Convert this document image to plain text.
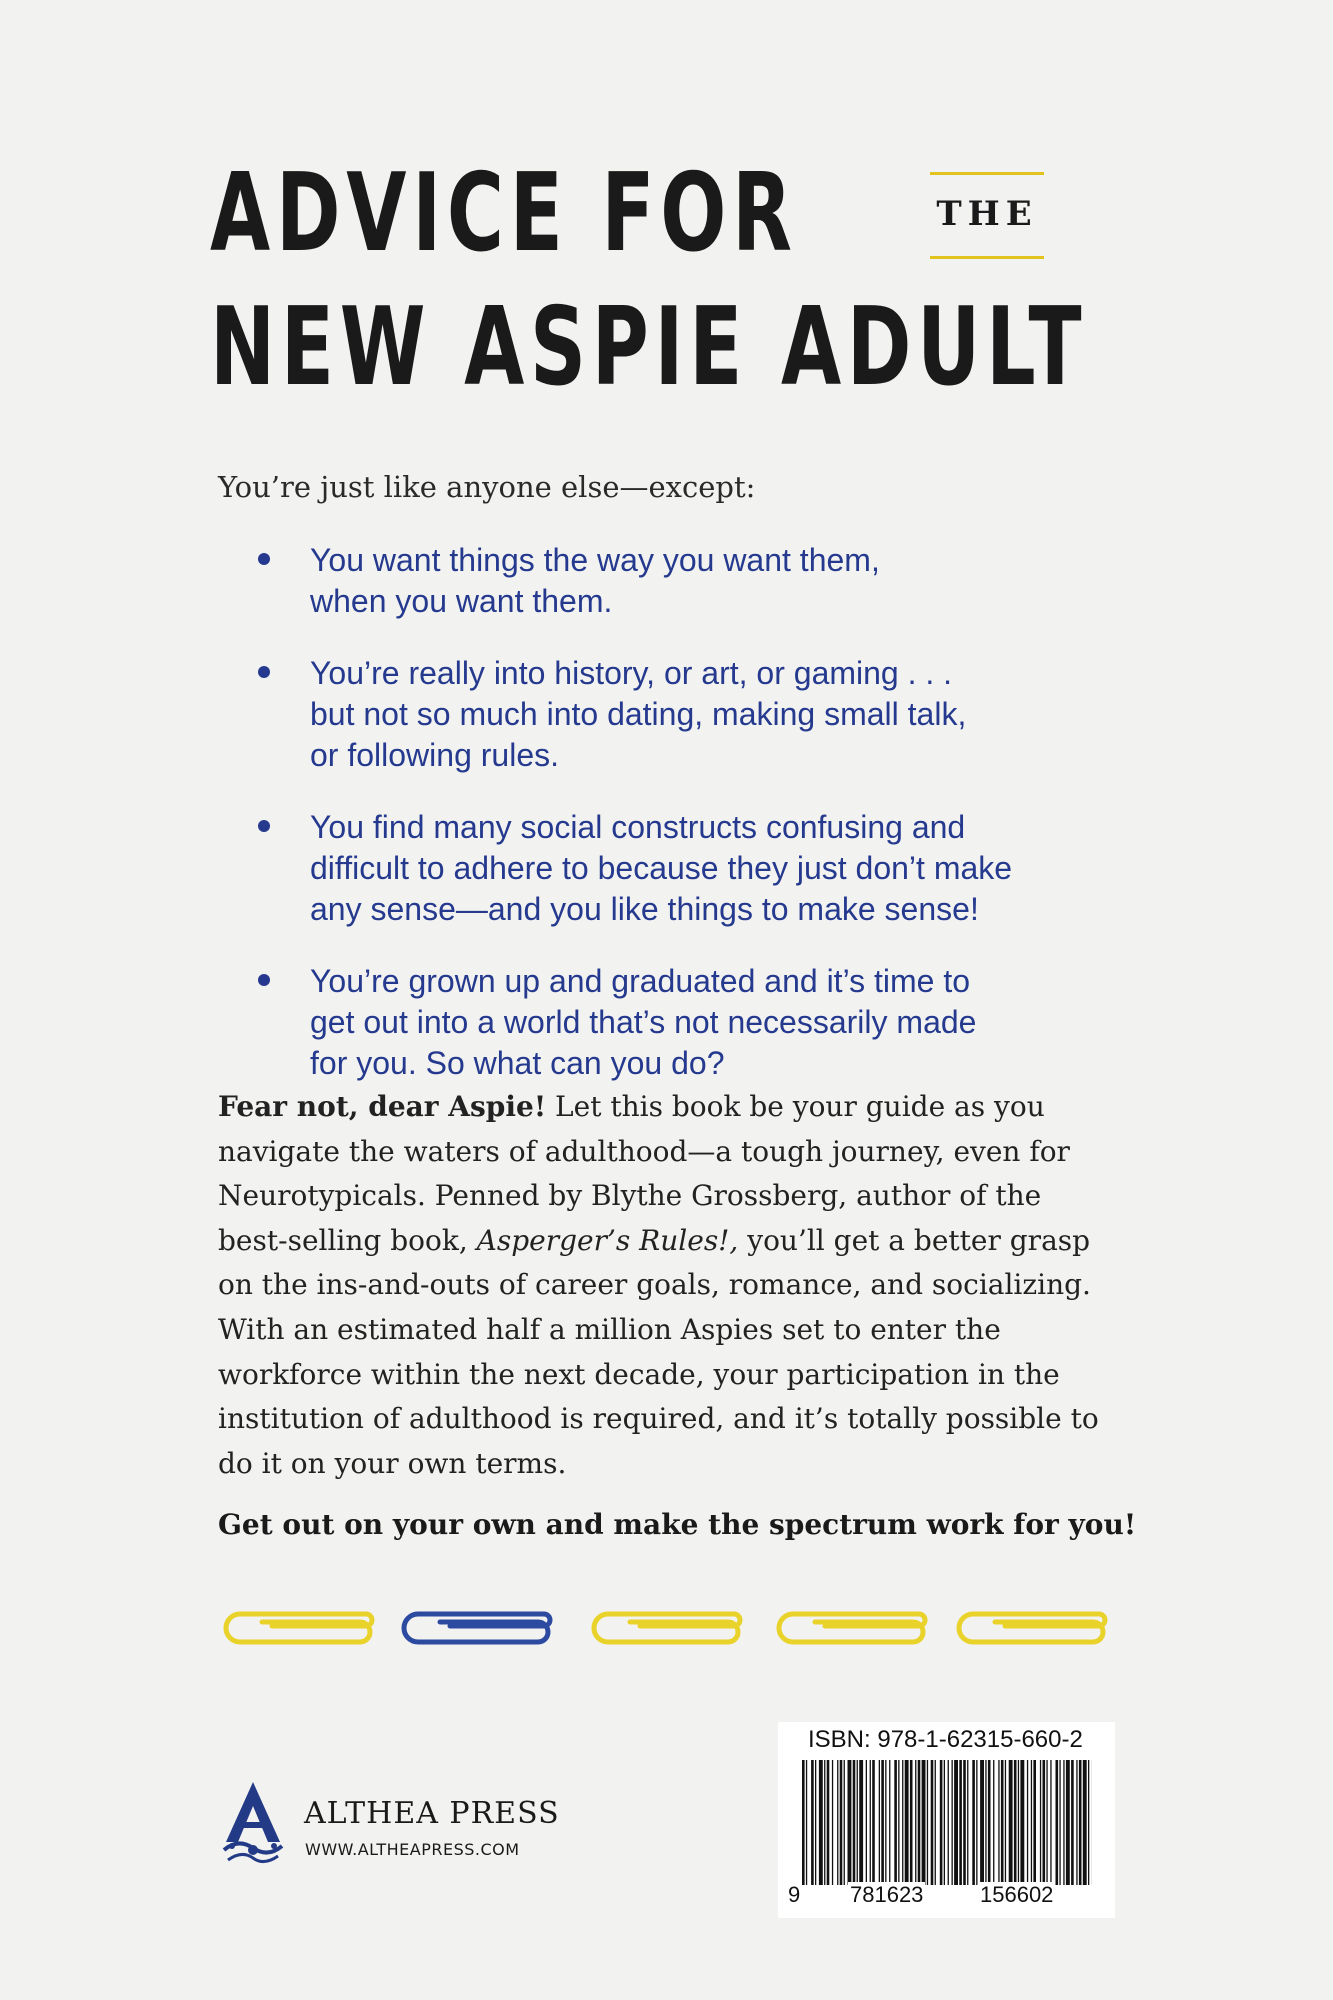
ADVICE FOR	THE
NEW ASPIE ADULT
You’re just like anyone else—except:
You want things the way you want them,
when you want them.
You’re really into history, or art, or gaming . . .
but not so much into dating, making small talk,
or following rules.
You find many social constructs confusing and
difficult to adhere to because they just don’t make
any sense—and you like things to make sense!
You’re grown up and graduated and it’s time to
get out into a world that’s not necessarily made
for you. So what can you do?

Fear not, dear Aspie! Let this book be your guide as you navigate the waters of adulthood—a tough journey, even for Neurotypicals. Penned by Blythe Grossberg, author of the best-selling book, Asperger’s Rules!, you’ll get a better grasp on the ins-and-outs of career goals, romance, and socializing. With an estimated half a million Aspies set to enter the workforce within the next decade, your participation in the institution of adulthood is required, and it’s totally possible to do it on your own terms.

Get out on your own and make the spectrum work for you!
ALTHEA PRESS
WWW.ALTHEAPRESS.COM
ISBN: 978-1-62315-660-2
9 781623	156602
